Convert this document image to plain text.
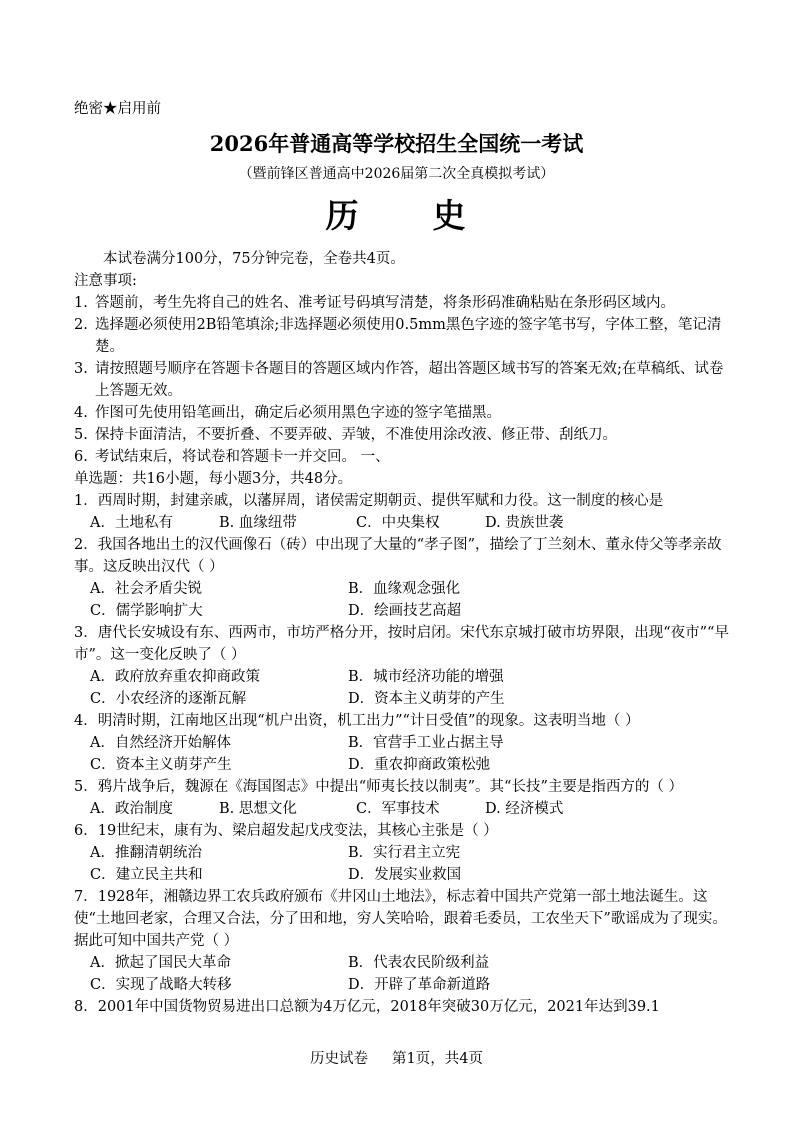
绝密★启用前
2026年普通高等学校招生全国统一考试
（暨前锋区普通高中2026届第二次全真模拟考试）
历 史
本试卷满分100分，75分钟完卷，全卷共4页。
注意事项:
1. 答题前，考生先将自己的姓名、准考证号码填写清楚，将条形码准确粘贴在条形码区域内。
2. 选择题必须使用2B铅笔填涂;非选择题必须使用0.5mm黑色字迹的签字笔书写，字体工整，笔记清楚。
3. 请按照题号顺序在答题卡各题目的答题区域内作答，超出答题区域书写的答案无效;在草稿纸、试卷上答题无效。
4. 作图可先使用铅笔画出，确定后必须用黑色字迹的签字笔描黑。
5. 保持卡面清洁，不要折叠、不要弄破、弄皱，不准使用涂改液、修正带、刮纸刀。
6. 考试结束后，将试卷和答题卡一并交回。 一、
单选题：共16小题，每小题3分，共48分。
1．西周时期，封建亲戚，以藩屏周，诸侯需定期朝贡、提供军赋和力役。这一制度的核心是
A．土地私有	B. 血缘纽带	C．中央集权	D. 贵族世袭
2．我国各地出土的汉代画像石（砖）中出现了大量的“孝子图”，描绘了丁兰刻木、董永侍父等孝亲故事。这反映出汉代（ ）
A．社会矛盾尖锐	B．血缘观念强化
C．儒学影响扩大	D．绘画技艺高超
3．唐代长安城设有东、西两市，市坊严格分开，按时启闭。宋代东京城打破市坊界限，出现“夜市”“早市”。这一变化反映了（ ）
A．政府放弃重农抑商政策	B．城市经济功能的增强
C．小农经济的逐渐瓦解	D．资本主义萌芽的产生
4．明清时期，江南地区出现“机户出资，机工出力”“计日受值”的现象。这表明当地（ ）
A．自然经济开始解体	B．官营手工业占据主导
C．资本主义萌芽产生	D．重农抑商政策松弛
5．鸦片战争后，魏源在《海国图志》中提出“师夷长技以制夷”。其“长技”主要是指西方的（ ）
A．政治制度	B. 思想文化	C．军事技术	D. 经济模式
6．19世纪末，康有为、梁启超发起戊戌变法，其核心主张是（ ）
A．推翻清朝统治	B．实行君主立宪
C．建立民主共和	D．发展实业救国
7．1928年，湘赣边界工农兵政府颁布《井冈山土地法》，标志着中国共产党第一部土地法诞生。这使“土地回老家，合理又合法，分了田和地，穷人笑哈哈，跟着毛委员，工农坐天下”歌谣成为了现实。据此可知中国共产党（ ）
A．掀起了国民大革命	B．代表农民阶级利益
C．实现了战略大转移	D．开辟了革命新道路
8．2001年中国货物贸易进出口总额为4万亿元，2018年突破30万亿元，2021年达到39.1
历史试卷 第1页，共4页
